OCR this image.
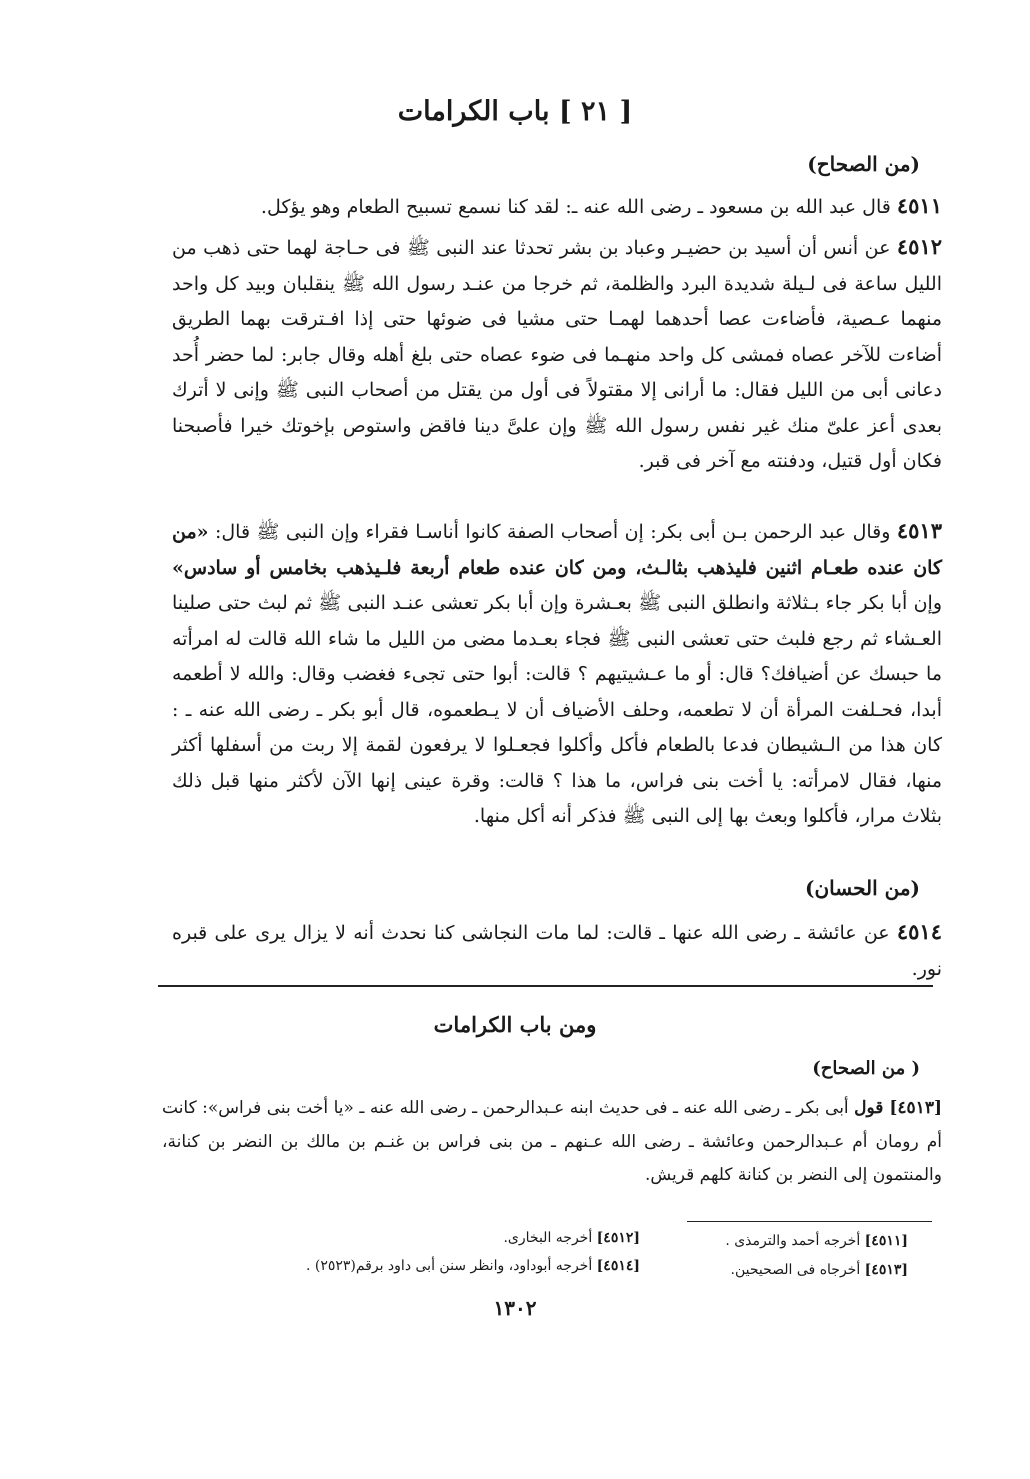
[ ٢١ ] باب الكرامات

(من الصحاح)

٤٥١١ قال عبد الله بن مسعود ـ رضى الله عنه ـ: لقد كنا نسمع تسبيح الطعام وهو يؤكل.

٤٥١٢ عن أنس أن أسيد بن حضيـر وعباد بن بشر تحدثا عند النبى ﷺ فى حـاجة لهما حتى ذهب من الليل ساعة فى لـيلة شديدة البرد والظلمة، ثم خرجا من عنـد رسول الله ﷺ ينقلبان وبيد كل واحد منهما عـصية، فأضاءت عصا أحدهما لهمـا حتى مشيا فى ضوئها حتى إذا افـترقت بهما الطريق أضاءت للآخر عصاه فمشى كل واحد منهـما فى ضوء عصاه حتى بلغ أهله وقال جابر: لما حضر أُحد دعانى أبى من الليل فقال: ما أرانى إلا مقتولاً فى أول من يقتل من أصحاب النبى ﷺ وإنى لا أترك بعدى أعز علىّ منك غير نفس رسول الله ﷺ وإن علىَّ دينا فاقض واستوص بإخوتك خيرا فأصبحنا فكان أول قتيل، ودفنته مع آخر فى قبر.

٤٥١٣ وقال عبد الرحمن بـن أبى بكر: إن أصحاب الصفة كانوا أناسـا فقراء وإن النبى ﷺ قال: «من كان عنده طعـام اثنين فليذهب بثالـث، ومن كان عنده طعام أربعة فلـيذهب بخامس أو سادس» وإن أبا بكر جاء بـثلاثة وانطلق النبى ﷺ بعـشرة وإن أبا بكر تعشى عنـد النبى ﷺ ثم لبث حتى صلينا العـشاء ثم رجع فلبث حتى تعشى النبى ﷺ فجاء بعـدما مضى من الليل ما شاء الله قالت له امرأته ما حبسك عن أضيافك؟ قال: أو ما عـشيتيهم ؟ قالت: أبوا حتى تجىء فغضب وقال: والله لا أطعمه أبدا، فحـلفت المرأة أن لا تطعمه، وحلف الأضياف أن لا يـطعموه، قال أبو بكر ـ رضى الله عنه ـ : كان هذا من الـشيطان فدعا بالطعام فأكل وأكلوا فجعـلوا لا يرفعون لقمة إلا ربت من أسفلها أكثر منها، فقال لامرأته: يا أخت بنى فراس، ما هذا ؟ قالت: وقرة عينى إنها الآن لأكثر منها قبل ذلك بثلاث مرار، فأكلوا وبعث بها إلى النبى ﷺ فذكر أنه أكل منها.

(من الحسان)

٤٥١٤ عن عائشة ـ رضى الله عنها ـ قالت: لما مات النجاشى كنا نحدث أنه لا يزال يرى على قبره نور.

ومن باب الكرامات

( من الصحاح)

[٤٥١٣] قول أبى بكر ـ رضى الله عنه ـ فى حديث ابنه عـبدالرحمن ـ رضى الله عنه ـ «يا أخت بنى فراس»: كانت أم رومان أم عـبدالرحمن وعائشة ـ رضى الله عـنهم ـ من بنى فراس بن غنـم بن مالك بن النضر بن كنانة، والمنتمون إلى النضر بن كنانة كلهم قريش.

[٤٥١١] أخرجه أحمد والترمذى .

[٤٥١٢] أخرجه البخارى.

[٤٥١٣] أخرجاه فى الصحيحين.

[٤٥١٤] أخرجه أبوداود، وانظر سنن أبى داود برقم(٢٥٢٣) .

١٣٠٢
